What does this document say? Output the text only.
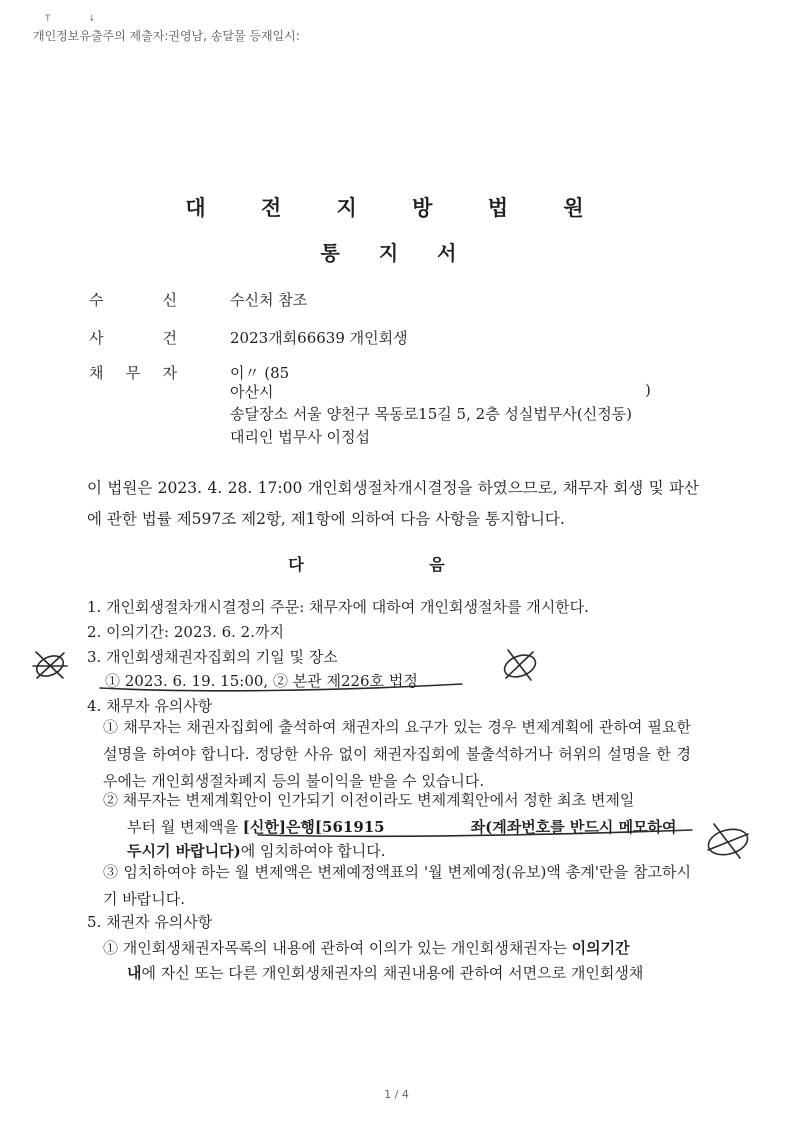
T	↓
개인정보유출주의 제출자:권영남, 송달물 등재일시:
대 전 지 방 법 원
통 지 서
수	신	수신처 참조
사	건	2023개회66639 개인회생
채 무 자	이〃 (85
아산시	)
송달장소 서울 양천구 목동로15길 5, 2층 성실법무사(신정동)
대리인 법무사 이정섭
이 법원은 2023. 4. 28. 17:00 개인회생절차개시결정을 하였으므로, 채무자 회생 및 파산에 관한 법률 제597조 제2항, 제1항에 의하여 다음 사항을 통지합니다.
다 음
1. 개인회생절차개시결정의 주문: 채무자에 대하여 개인회생절차를 개시한다.
2. 이의기간: 2023. 6. 2.까지
3. 개인회생채권자집회의 기일 및 장소
① 2023. 6. 19. 15:00, ② 본관 제226호 법정
4. 채무자 유의사항
① 채무자는 채권자집회에 출석하여 채권자의 요구가 있는 경우 변제계획에 관하여 필요한 설명을 하여야 합니다. 정당한 사유 없이 채권자집회에 불출석하거나 허위의 설명을 한 경우에는 개인회생절차폐지 등의 불이익을 받을 수 있습니다.
② 채무자는 변제계획안이 인가되기 이전이라도 변제계획안에서 정한 최초 변제일
부터 월 변제액을 [신한]은행[561915	좌(계좌번호를 반드시 메모하여
두시기 바랍니다)에 임치하여야 합니다.
③ 임치하여야 하는 월 변제액은 변제예정액표의 '월 변제예정(유보)액 총계'란을 참고하시기 바랍니다.
5. 채권자 유의사항
① 개인회생채권자목록의 내용에 관하여 이의가 있는 개인회생채권자는 이의기간
내에 자신 또는 다른 개인회생채권자의 채권내용에 관하여 서면으로 개인회생채
1 / 4
